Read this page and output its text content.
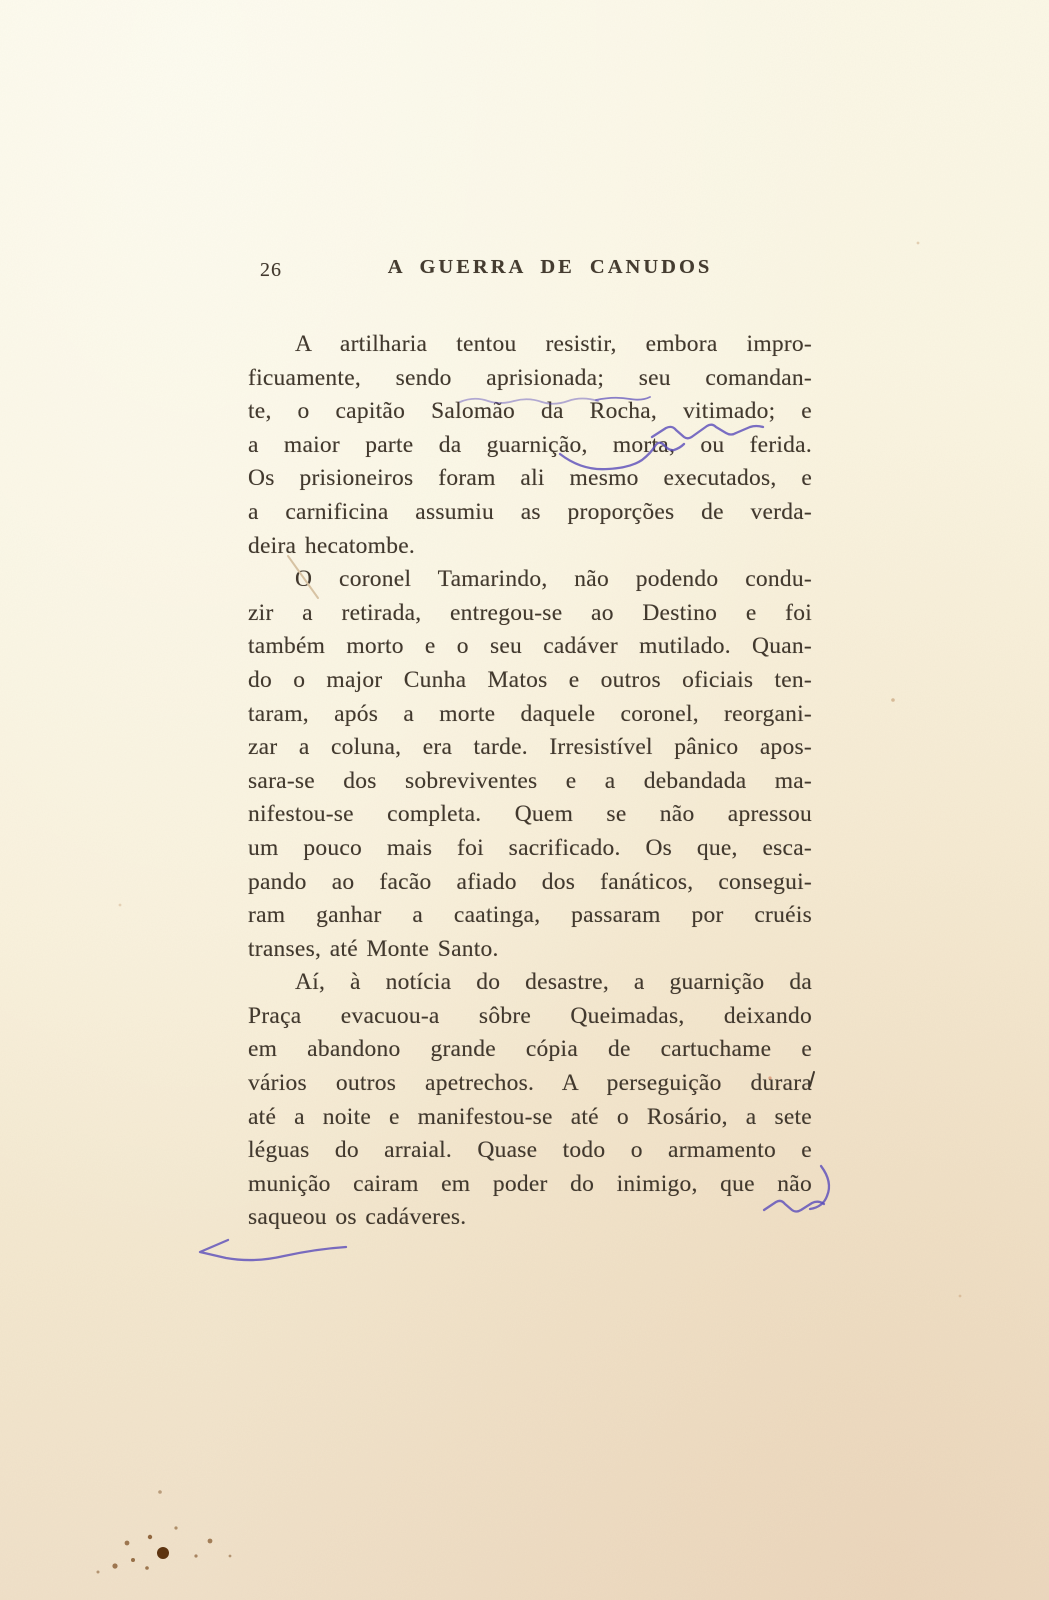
26	A GUERRA DE CANUDOS
A artilharia tentou resistir, embora impro-
ficuamente, sendo aprisionada; seu comandan-
te, o capitão Salomão da Rocha, vitimado; e
a maior parte da guarnição, morta, ou ferida.
Os prisioneiros foram ali mesmo executados, e
a carnificina assumiu as proporções de verda-
deira hecatombe.
O coronel Tamarindo, não podendo condu-
zir a retirada, entregou-se ao Destino e foi
também morto e o seu cadáver mutilado. Quan-
do o major Cunha Matos e outros oficiais ten-
taram, após a morte daquele coronel, reorgani-
zar a coluna, era tarde. Irresistível pânico apos-
sara-se dos sobreviventes e a debandada ma-
nifestou-se completa. Quem se não apressou
um pouco mais foi sacrificado. Os que, esca-
pando ao facão afiado dos fanáticos, consegui-
ram ganhar a caatinga, passaram por cruéis
transes, até Monte Santo.
Aí, à notícia do desastre, a guarnição da
Praça evacuou-a sôbre Queimadas, deixando
em abandono grande cópia de cartuchame e
vários outros apetrechos. A perseguição durara
até a noite e manifestou-se até o Rosário, a sete
léguas do arraial. Quase todo o armamento e
munição cairam em poder do inimigo, que não
saqueou os cadáveres.
